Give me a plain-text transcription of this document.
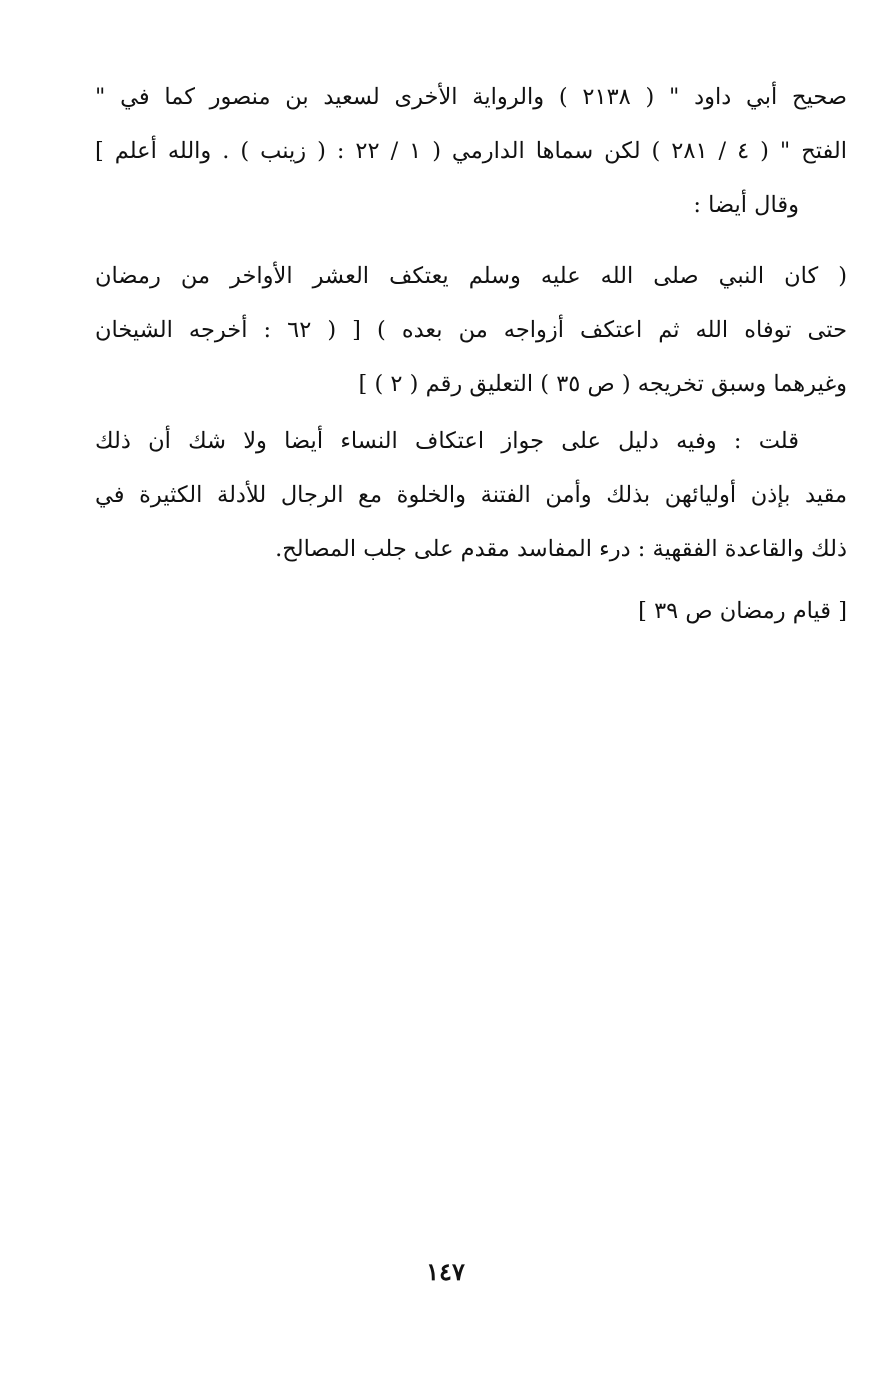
صحيح أبي داود " ( ٢١٣٨ ) والرواية الأخرى لسعيد بن منصور كما في "
الفتح " ( ٤ / ٢٨١ ) لكن سماها الدارمي ( ١ / ٢٢ : ( زينب ) . والله أعلم ]
وقال أيضا :
( كان النبي صلى الله عليه وسلم يعتكف العشر الأواخر من رمضان
حتى توفاه الله ثم اعتكف أزواجه من بعده ) [ ( ٦٢ : أخرجه الشيخان
وغيرهما وسبق تخريجه ( ص ٣٥ ) التعليق رقم ( ٢ ) ]
قلت : وفيه دليل على جواز اعتكاف النساء أيضا ولا شك أن ذلك
مقيد بإذن أوليائهن بذلك وأمن الفتنة والخلوة مع الرجال للأدلة الكثيرة في
ذلك والقاعدة الفقهية : درء المفاسد مقدم على جلب المصالح.
[ قيام رمضان ص ٣٩ ]
١٤٧
